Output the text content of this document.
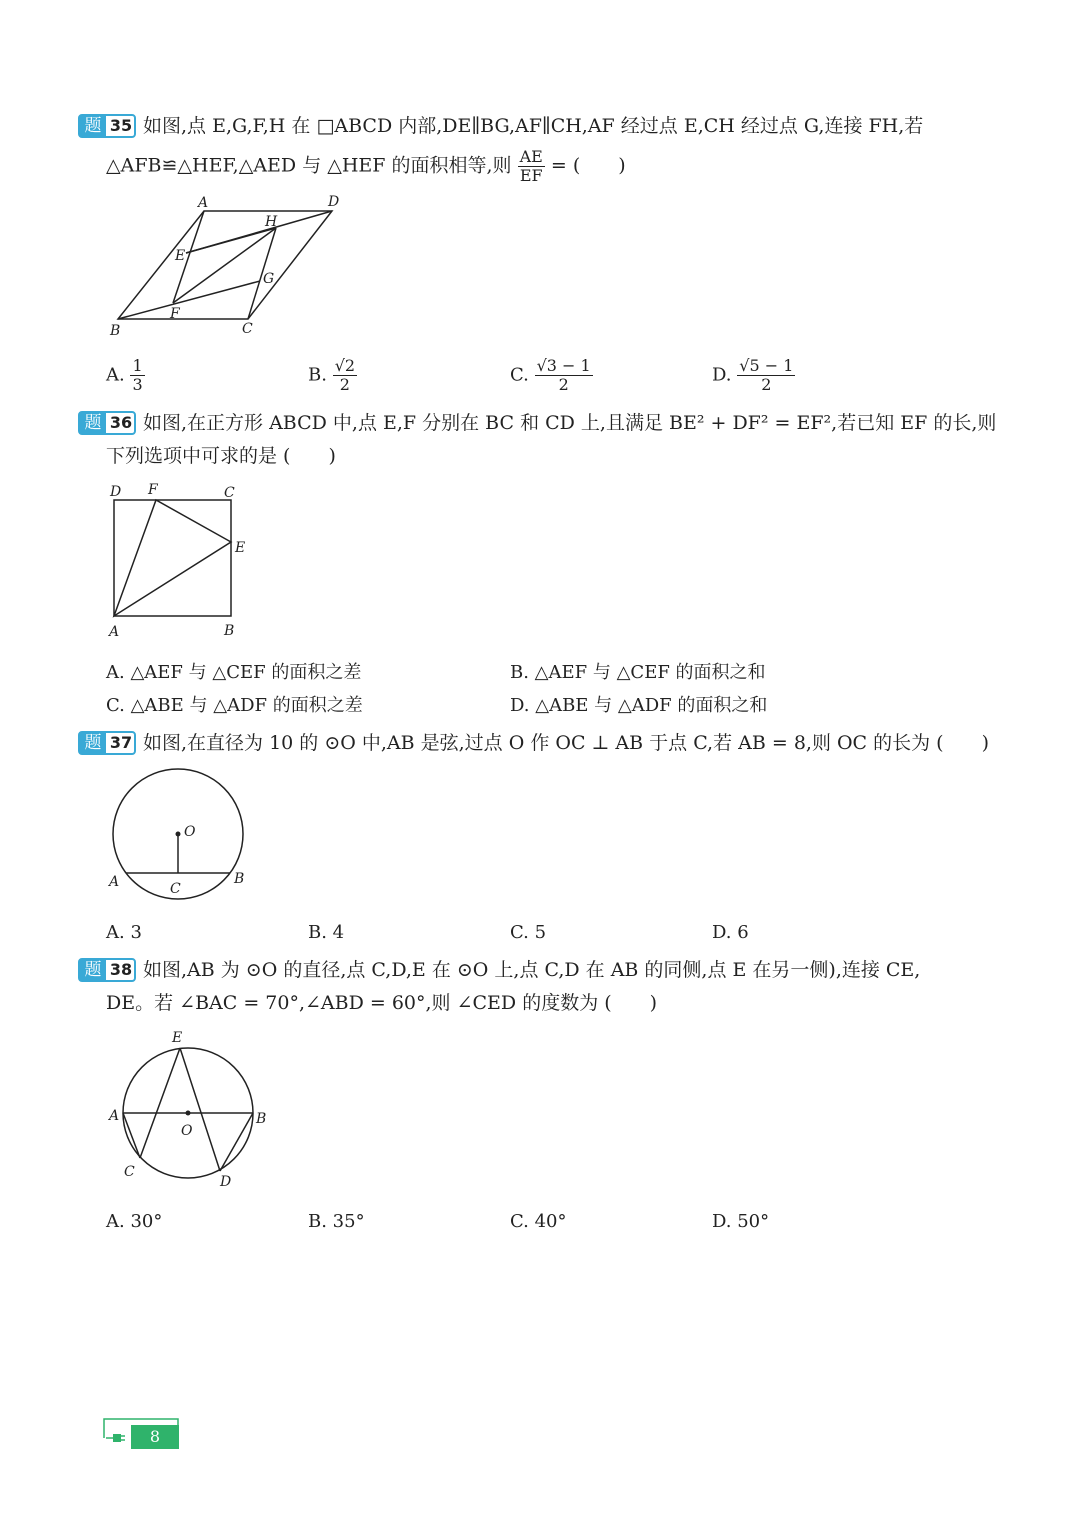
题 35 如图,点 E,G,F,H 在 □ABCD 内部,DE∥BG,AF∥CH,AF 经过点 E,CH 经过点 G,连接 FH,若
△AFB≌△HEF,△AED 与 △HEF 的面积相等,则 $\frac{AE}{EF}$ = (　　)
A	D
H
E
G
F
B	C
A. $\frac{1}{3}$	B. $\frac{√2}{2}$	C. $\frac{√3 - 1}{2}$	D. $\frac{√5 - 1}{2}$
题 36 如图,在正方形 ABCD 中,点 E,F 分别在 BC 和 CD 上,且满足 BE² + DF² = EF²,若已知 EF 的长,则
下列选项中可求的是 (　　)
D F	C
E
A	B
A. △AEF 与 △CEF 的面积之差	B. △AEF 与 △CEF 的面积之和
C. △ABE 与 △ADF 的面积之差	D. △ABE 与 △ADF 的面积之和
题 37 如图,在直径为 10 的 ⊙O 中,AB 是弦,过点 O 作 OC ⊥ AB 于点 C,若 AB = 8,则 OC 的长为 (　　)
O
A	B
C
A. 3	B. 4	C. 5	D. 6
题 38 如图,AB 为 ⊙O 的直径,点 C,D,E 在 ⊙O 上,点 C,D 在 AB 的同侧,点 E 在另一侧),连接 CE,
DE。若 ∠BAC = 70°,∠ABD = 60°,则 ∠CED 的度数为 (　　)
E
A	B
O
C
D
A. 30°	B. 35°	C. 40°	D. 50°
8
